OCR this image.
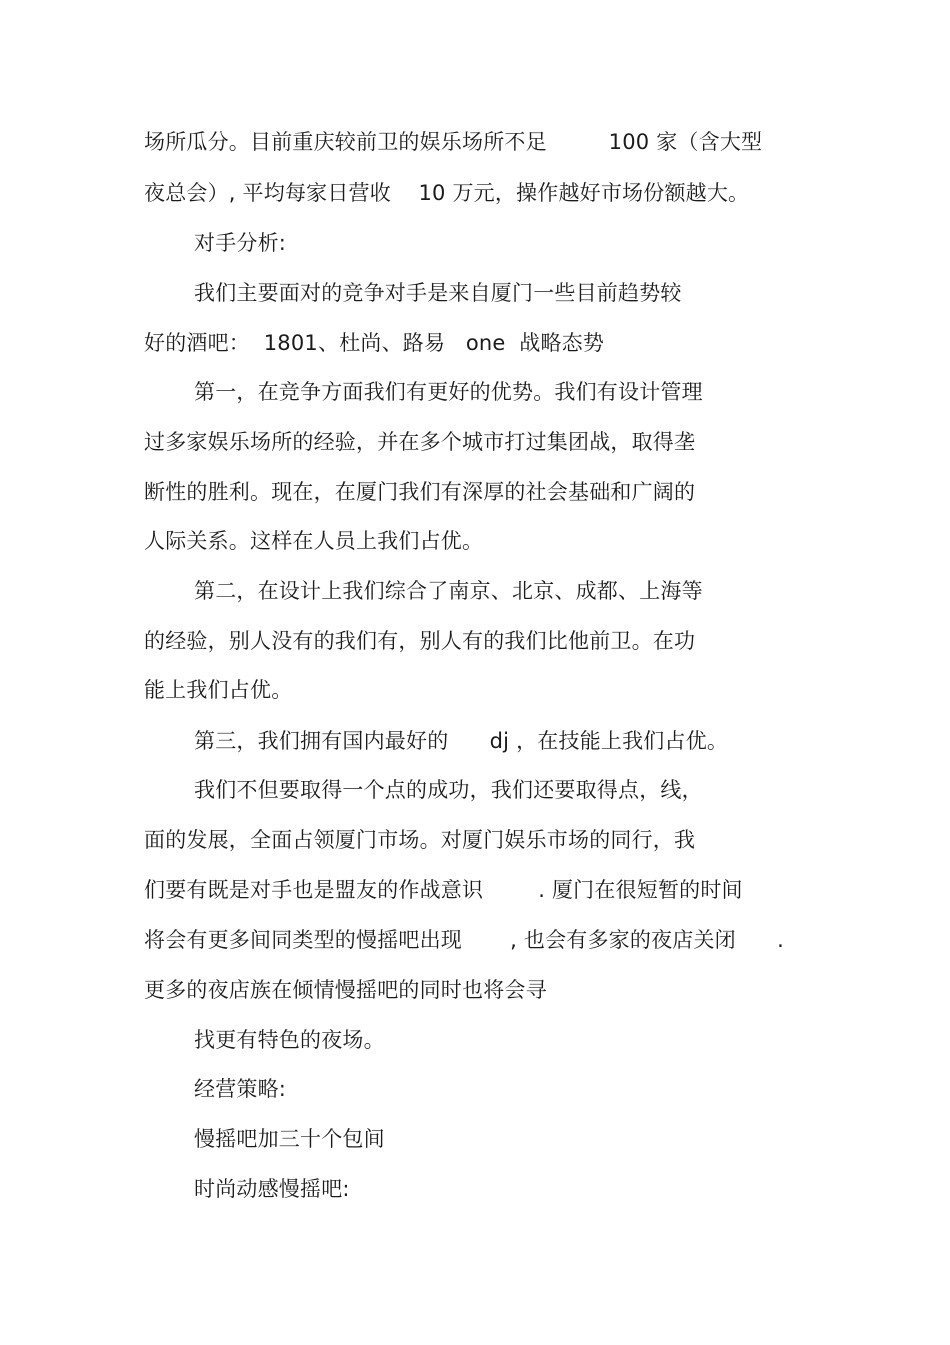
场所瓜分。目前重庆较前卫的娱乐场所不足         100 家（含大型
夜总会）, 平均每家日营收    10 万元，操作越好市场份额越大。
对手分析:
我们主要面对的竞争对手是来自厦门一些目前趋势较
好的酒吧：  1801、杜尚、路易   one  战略态势
第一，在竞争方面我们有更好的优势。我们有设计管理
过多家娱乐场所的经验，并在多个城市打过集团战，取得垄
断性的胜利。现在，在厦门我们有深厚的社会基础和广阔的
人际关系。这样在人员上我们占优。
第二，在设计上我们综合了南京、北京、成都、上海等
的经验，别人没有的我们有，别人有的我们比他前卫。在功
能上我们占优。
第三，我们拥有国内最好的      dj ，在技能上我们占优。
我们不但要取得一个点的成功，我们还要取得点，线，
面的发展，全面占领厦门市场。对厦门娱乐市场的同行，我
们要有既是对手也是盟友的作战意识        . 厦门在很短暂的时间
将会有更多间同类型的慢摇吧出现       , 也会有多家的夜店关闭      .
更多的夜店族在倾情慢摇吧的同时也将会寻
找更有特色的夜场。
经营策略:
慢摇吧加三十个包间
时尚动感慢摇吧:
